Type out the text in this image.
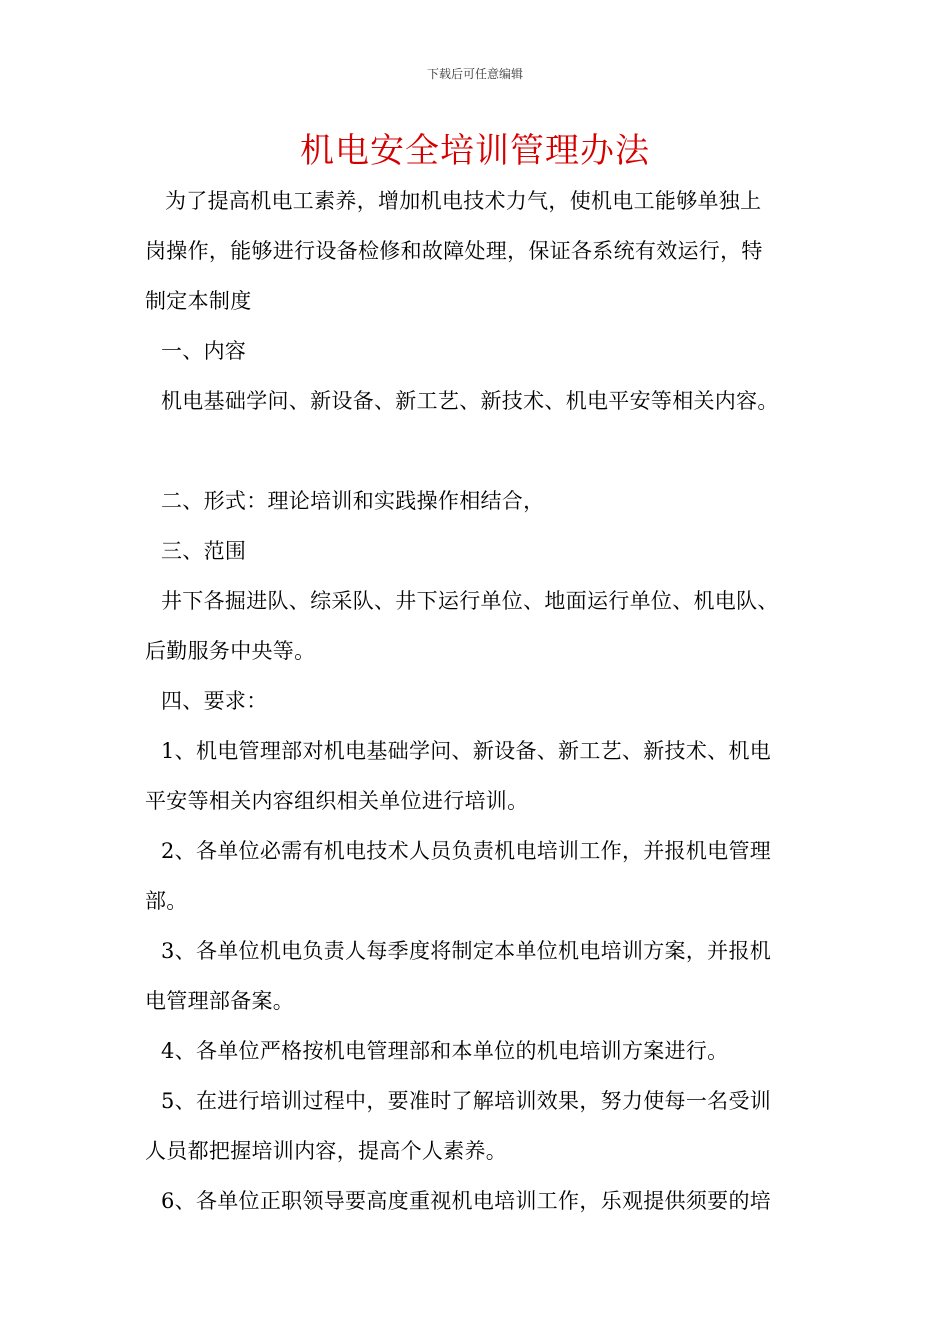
下载后可任意编辑
机电安全培训管理办法
为了提高机电工素养，增加机电技术力气，使机电工能够单独上
岗操作，能够进行设备检修和故障处理，保证各系统有效运行，特
制定本制度
一、内容
机电基础学问、新设备、新工艺、新技术、机电平安等相关内容。
二、形式：理论培训和实践操作相结合，
三、范围
井下各掘进队、综采队、井下运行单位、地面运行单位、机电队、
后勤服务中央等。
四、要求：
1、机电管理部对机电基础学问、新设备、新工艺、新技术、机电
平安等相关内容组织相关单位进行培训。
2、各单位必需有机电技术人员负责机电培训工作，并报机电管理
部。
3、各单位机电负责人每季度将制定本单位机电培训方案，并报机
电管理部备案。
4、各单位严格按机电管理部和本单位的机电培训方案进行。
5、在进行培训过程中，要准时了解培训效果，努力使每一名受训
人员都把握培训内容，提高个人素养。
6、各单位正职领导要高度重视机电培训工作，乐观提供须要的培
